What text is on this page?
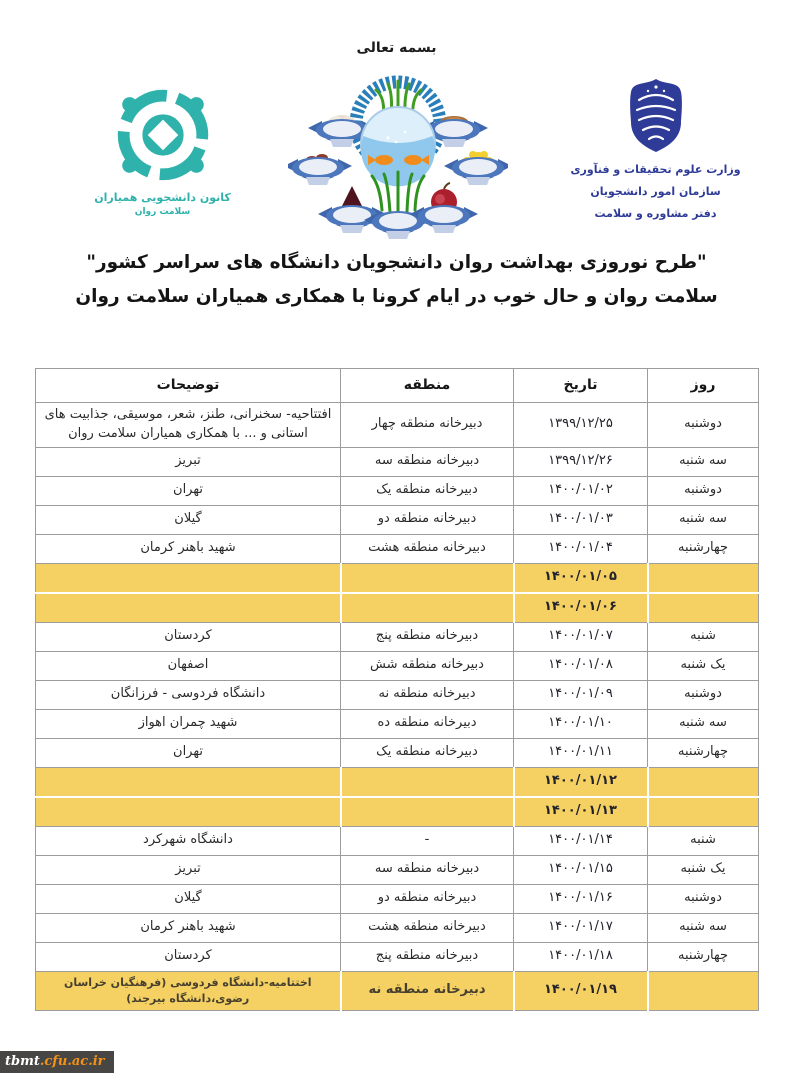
بسمه تعالی
کانون دانشجویی همیاران
سلامت روان
وزارت علوم تحقیقات و فنآوری
سازمان امور دانشجویان
دفتر مشاوره و سلامت
"طرح نوروزی بهداشت روان دانشجویان دانشگاه های سراسر کشور"
سلامت روان و حال خوب در ایام کرونا با همکاری همیاران سلامت روان
روز	تاریخ	منطقه	توضیحات
دوشنبه	۱۳۹۹/۱۲/۲۵	دبیرخانه منطقه چهار	افتتاحیه- سخنرانی، طنز، شعر، موسیقی، جذابیت های استانی و ... با همکاری همیاران سلامت روان
سه شنبه	۱۳۹۹/۱۲/۲۶	دبیرخانه منطقه سه	تبریز
دوشنبه	۱۴۰۰/۰۱/۰۲	دبیرخانه منطقه یک	تهران
سه شنبه	۱۴۰۰/۰۱/۰۳	دبیرخانه منطقه دو	گیلان
چهارشنبه	۱۴۰۰/۰۱/۰۴	دبیرخانه منطقه هشت	شهید باهنر کرمان
	۱۴۰۰/۰۱/۰۵		
	۱۴۰۰/۰۱/۰۶		
شنبه	۱۴۰۰/۰۱/۰۷	دبیرخانه منطقه پنج	کردستان
یک شنبه	۱۴۰۰/۰۱/۰۸	دبیرخانه منطقه شش	اصفهان
دوشنبه	۱۴۰۰/۰۱/۰۹	دبیرخانه منطقه نه	دانشگاه فردوسی - فرزانگان
سه شنبه	۱۴۰۰/۰۱/۱۰	دبیرخانه منطقه ده	شهید چمران اهواز
چهارشنبه	۱۴۰۰/۰۱/۱۱	دبیرخانه منطقه یک	تهران
	۱۴۰۰/۰۱/۱۲		
	۱۴۰۰/۰۱/۱۳		
شنبه	۱۴۰۰/۰۱/۱۴	-	دانشگاه شهرکرد
یک شنبه	۱۴۰۰/۰۱/۱۵	دبیرخانه منطقه سه	تبریز
دوشنبه	۱۴۰۰/۰۱/۱۶	دبیرخانه منطقه دو	گیلان
سه شنبه	۱۴۰۰/۰۱/۱۷	دبیرخانه منطقه هشت	شهید باهنر کرمان
چهارشنبه	۱۴۰۰/۰۱/۱۸	دبیرخانه منطقه پنج	کردستان
	۱۴۰۰/۰۱/۱۹	دبیرخانه منطقه نه	اختتامیه-دانشگاه فردوسی (فرهنگیان خراسان رضوی،دانشگاه بیرجند)
tbmt.cfu.ac.ir
